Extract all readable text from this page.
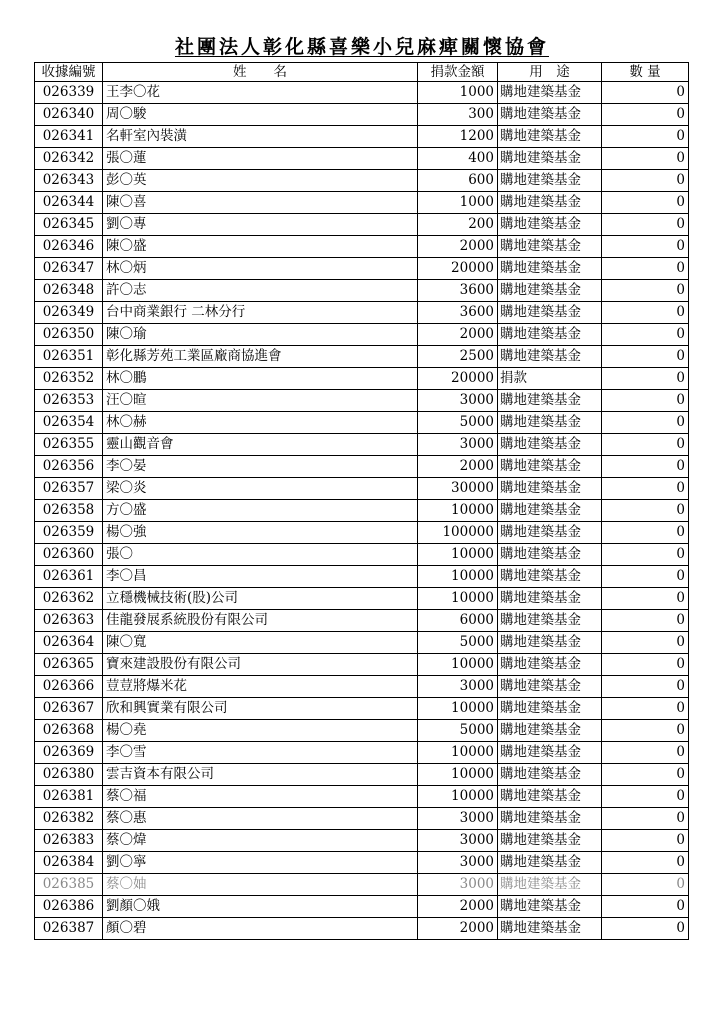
社團法人彰化縣喜樂小兒麻痺關懷協會
收據編號	姓　　名	捐款金額	用　途	數 量
026339	王李〇花	1000	購地建築基金	0
026340	周〇駿	300	購地建築基金	0
026341	名軒室內裝潢	1200	購地建築基金	0
026342	張〇蓮	400	購地建築基金	0
026343	彭〇英	600	購地建築基金	0
026344	陳〇喜	1000	購地建築基金	0
026345	劉〇專	200	購地建築基金	0
026346	陳〇盛	2000	購地建築基金	0
026347	林〇炳	20000	購地建築基金	0
026348	許〇志	3600	購地建築基金	0
026349	台中商業銀行 二林分行	3600	購地建築基金	0
026350	陳〇瑜	2000	購地建築基金	0
026351	彰化縣芳苑工業區廠商協進會	2500	購地建築基金	0
026352	林〇鵬	20000	捐款	0
026353	汪〇暄	3000	購地建築基金	0
026354	林〇赫	5000	購地建築基金	0
026355	靈山觀音會	3000	購地建築基金	0
026356	李〇晏	2000	購地建築基金	0
026357	梁〇炎	30000	購地建築基金	0
026358	方〇盛	10000	購地建築基金	0
026359	楊〇強	100000	購地建築基金	0
026360	張〇	10000	購地建築基金	0
026361	李〇昌	10000	購地建築基金	0
026362	立穩機械技術(股)公司	10000	購地建築基金	0
026363	佳龍發展系統股份有限公司	6000	購地建築基金	0
026364	陳〇寬	5000	購地建築基金	0
026365	寶來建設股份有限公司	10000	購地建築基金	0
026366	荳荳將爆米花	3000	購地建築基金	0
026367	欣和興實業有限公司	10000	購地建築基金	0
026368	楊〇堯	5000	購地建築基金	0
026369	李〇雪	10000	購地建築基金	0
026380	雲吉資本有限公司	10000	購地建築基金	0
026381	蔡〇福	10000	購地建築基金	0
026382	蔡〇惠	3000	購地建築基金	0
026383	蔡〇煒	3000	購地建築基金	0
026384	劉〇寧	3000	購地建築基金	0
026385	蔡〇妯	3000	購地建築基金	0
026386	劉顏〇娥	2000	購地建築基金	0
026387	顏〇碧	2000	購地建築基金	0
